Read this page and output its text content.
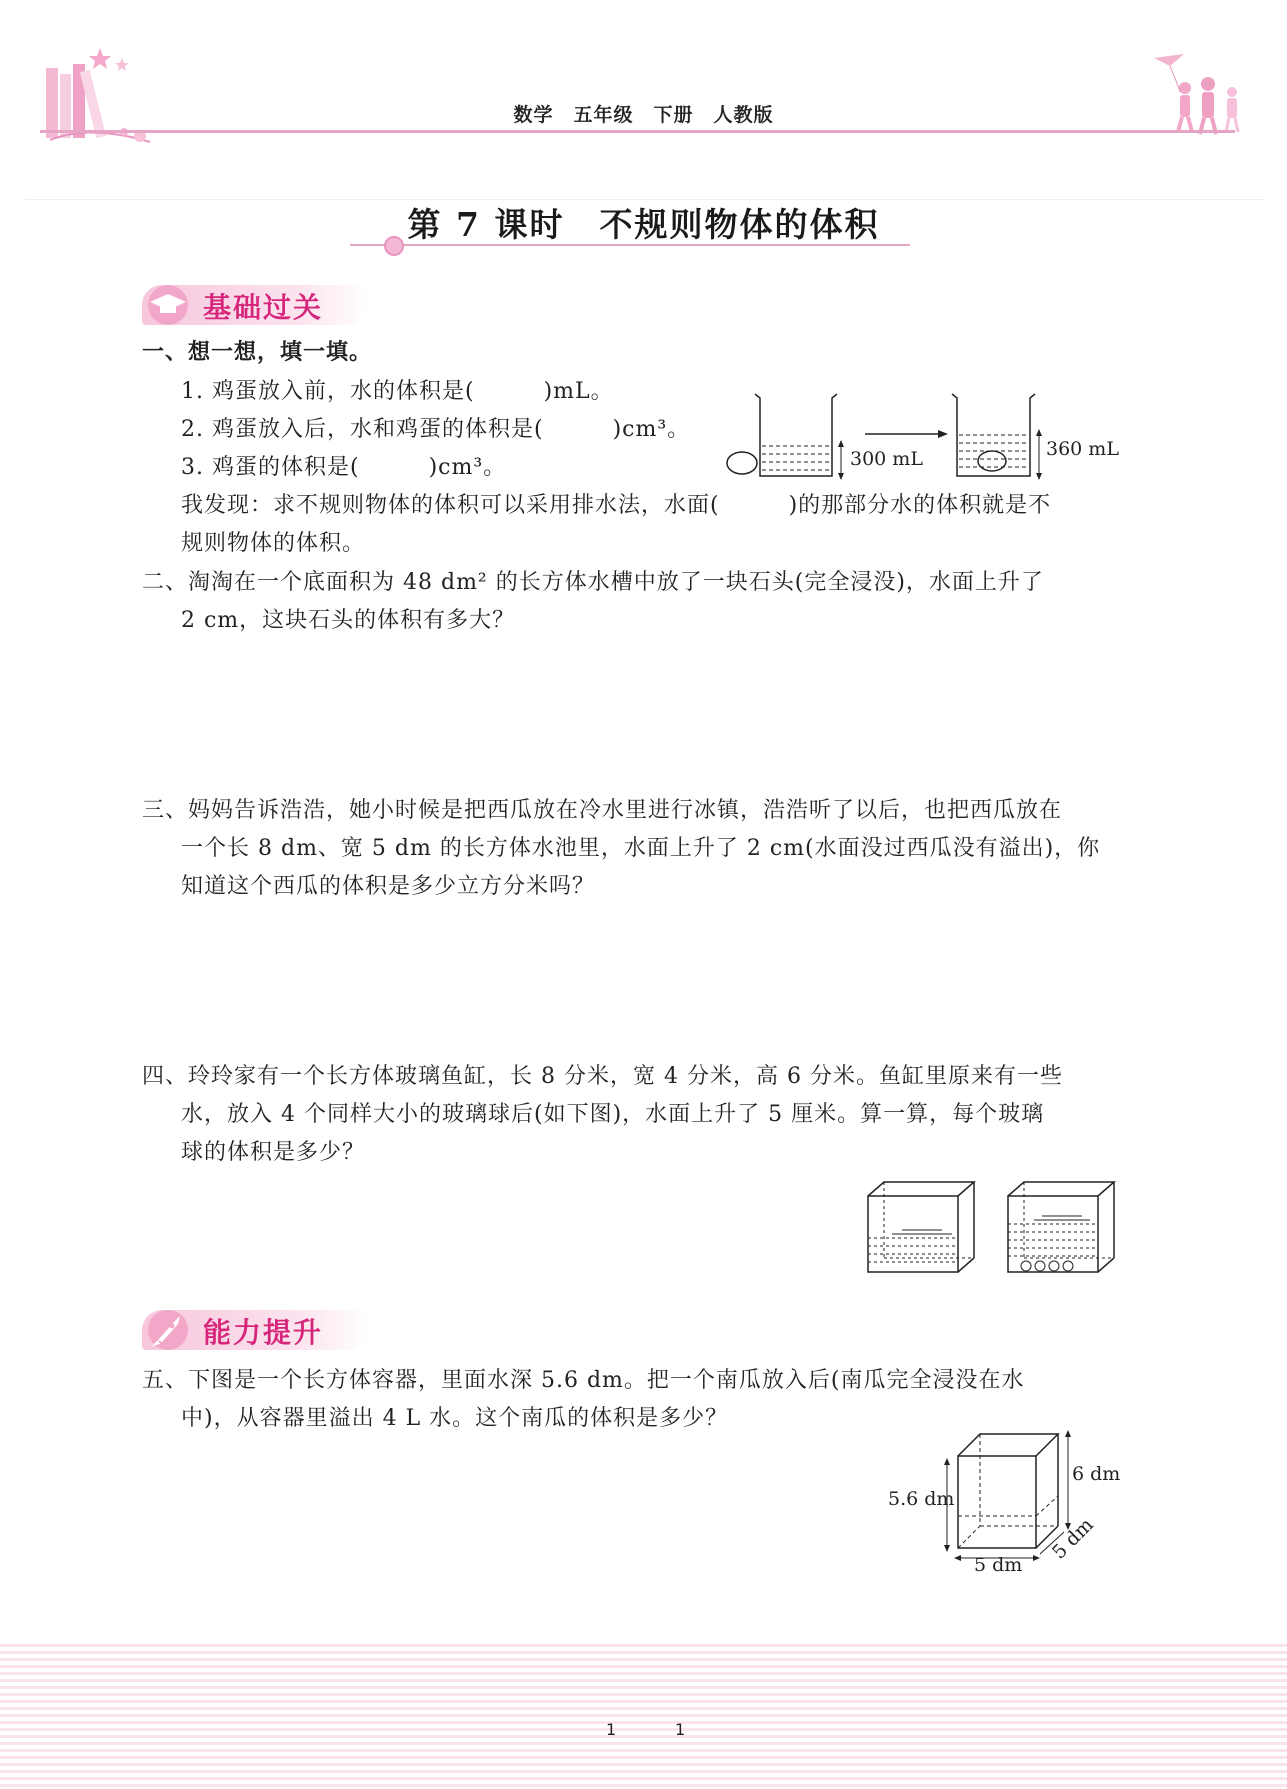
数学　五年级　下册　人教版
第 7 课时　不规则物体的体积
基础过关
一、想一想，填一填。
1. 鸡蛋放入前，水的体积是(　　　)mL。
2. 鸡蛋放入后，水和鸡蛋的体积是(　　　)cm³。
3. 鸡蛋的体积是(　　　)cm³。
我发现：求不规则物体的体积可以采用排水法，水面(　　　)的那部分水的体积就是不
规则物体的体积。
300 mL	360 mL
二、淘淘在一个底面积为 48 dm² 的长方体水槽中放了一块石头(完全浸没)，水面上升了
2 cm，这块石头的体积有多大？
三、妈妈告诉浩浩，她小时候是把西瓜放在冷水里进行冰镇，浩浩听了以后，也把西瓜放在
一个长 8 dm、宽 5 dm 的长方体水池里，水面上升了 2 cm(水面没过西瓜没有溢出)，你
知道这个西瓜的体积是多少立方分米吗？
四、玲玲家有一个长方体玻璃鱼缸，长 8 分米，宽 4 分米，高 6 分米。鱼缸里原来有一些
水，放入 4 个同样大小的玻璃球后(如下图)，水面上升了 5 厘米。算一算，每个玻璃
球的体积是多少？
能力提升
五、下图是一个长方体容器，里面水深 5.6 dm。把一个南瓜放入后(南瓜完全浸没在水
中)，从容器里溢出 4 L 水。这个南瓜的体积是多少？
6 dm
5.6 dm
5 dm
5 dm
1	1
